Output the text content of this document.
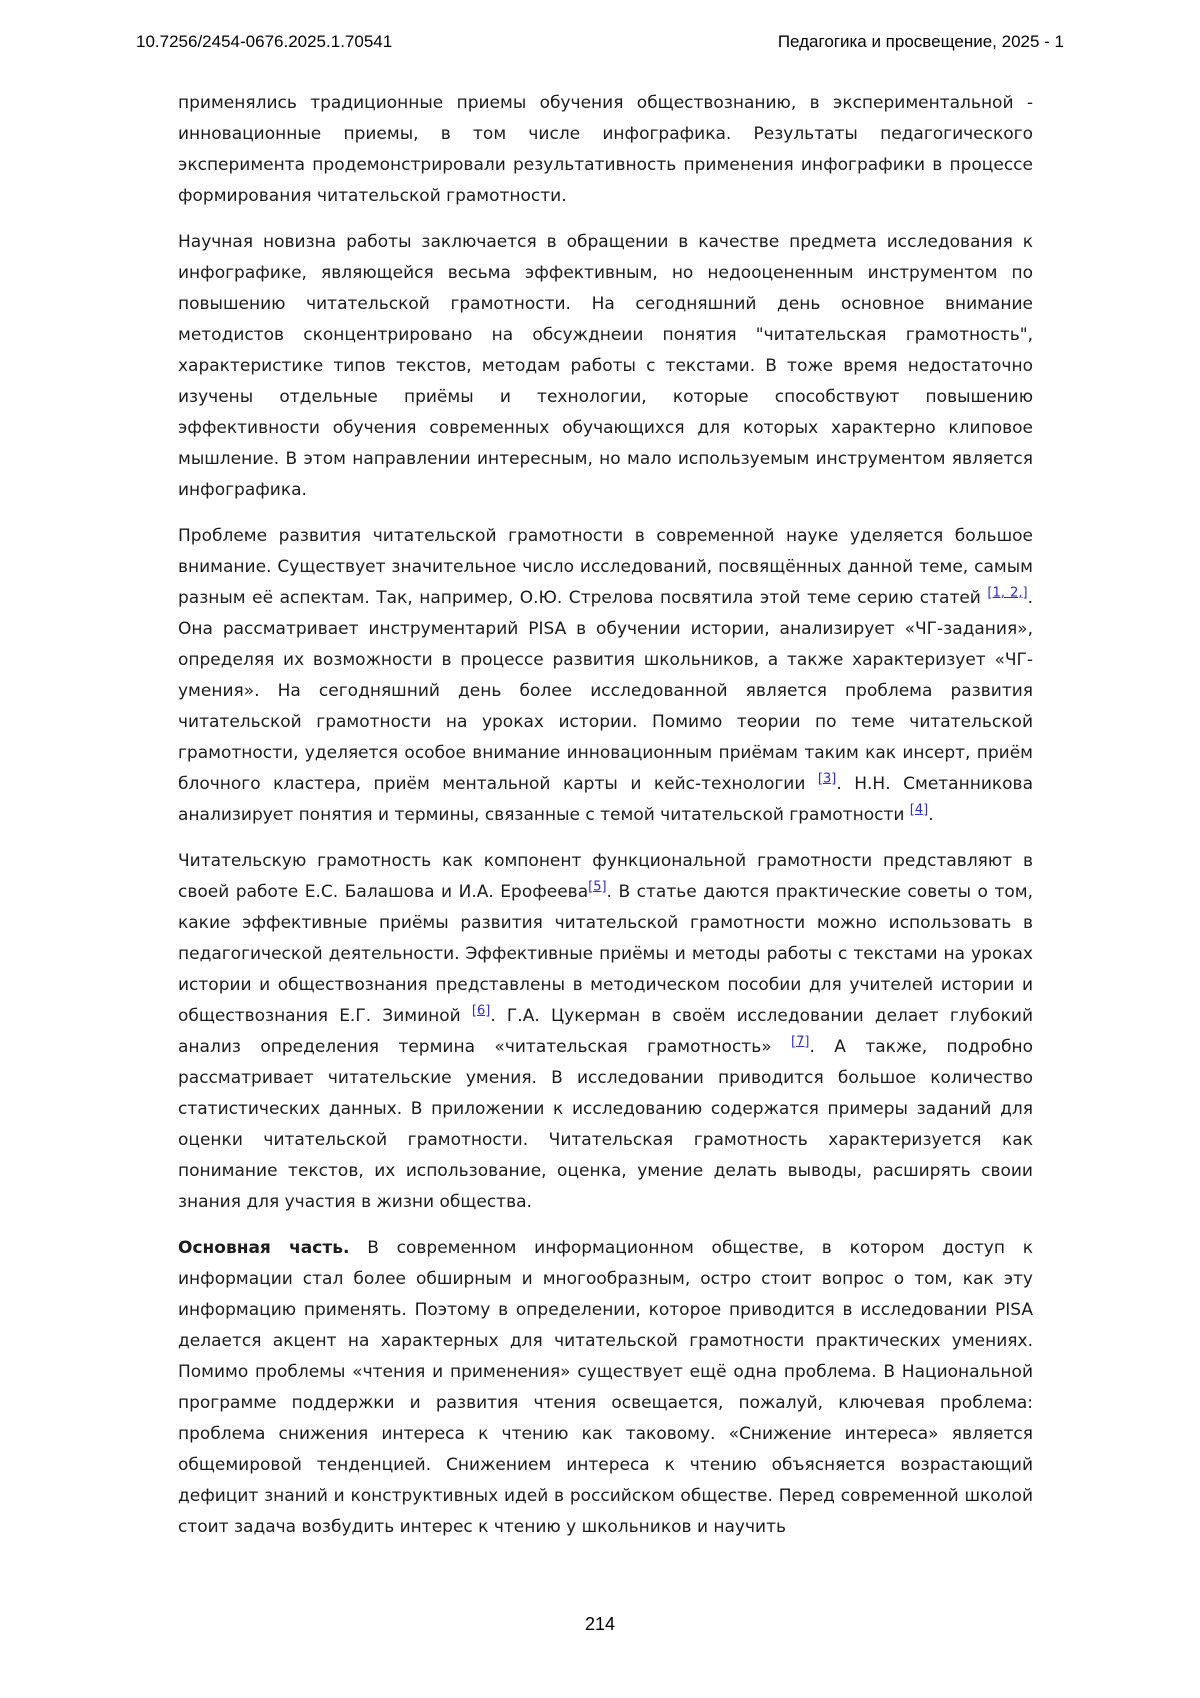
10.7256/2454-0676.2025.1.70541	Педагогика и просвещение, 2025 - 1

применялись традиционные приемы обучения обществознанию, в экспериментальной - инновационные приемы, в том числе инфографика. Результаты педагогического эксперимента продемонстрировали результативность применения инфографики в процессе формирования читательской грамотности.

Научная новизна работы заключается в обращении в качестве предмета исследования к инфографике, являющейся весьма эффективным, но недооцененным инструментом по повышению читательской грамотности. На сегодняшний день основное внимание методистов сконцентрировано на обсужднеии понятия "читательская грамотность", характеристике типов текстов, методам работы с текстами. В тоже время недостаточно изучены отдельные приёмы и технологии, которые способствуют повышению эффективности обучения современных обучающихся для которых характерно клиповое мышление. В этом направлении интересным, но мало используемым инструментом является инфографика.

Проблеме развития читательской грамотности в современной науке уделяется большое внимание. Существует значительное число исследований, посвящённых данной теме, самым разным её аспектам. Так, например, О.Ю. Стрелова посвятила этой теме серию статей [1, 2,]. Она рассматривает инструментарий PISA в обучении истории, анализирует «ЧГ-задания», определяя их возможности в процессе развития школьников, а также характеризует «ЧГ-умения». На сегодняшний день более исследованной является проблема развития читательской грамотности на уроках истории. Помимо теории по теме читательской грамотности, уделяется особое внимание инновационным приёмам таким как инсерт, приём блочного кластера, приём ментальной карты и кейс-технологии [3]. Н.Н. Сметанникова анализирует понятия и термины, связанные с темой читательской грамотности [4].

Читательскую грамотность как компонент функциональной грамотности представляют в своей работе Е.С. Балашова и И.А. Ерофеева[5]. В статье даются практические советы о том, какие эффективные приёмы развития читательской грамотности можно использовать в педагогической деятельности. Эффективные приёмы и методы работы с текстами на уроках истории и обществознания представлены в методическом пособии для учителей истории и обществознания Е.Г. Зиминой [6]. Г.А. Цукерман в своём исследовании делает глубокий анализ определения термина «читательская грамотность» [7]. А также, подробно рассматривает читательские умения. В исследовании приводится большое количество статистических данных. В приложении к исследованию содержатся примеры заданий для оценки читательской грамотности. Читательская грамотность характеризуется как понимание текстов, их использование, оценка, умение делать выводы, расширять своии знания для участия в жизни общества.

Основная часть. В современном информационном обществе, в котором доступ к информации стал более обширным и многообразным, остро стоит вопрос о том, как эту информацию применять. Поэтому в определении, которое приводится в исследовании PISA делается акцент на характерных для читательской грамотности практических умениях. Помимо проблемы «чтения и применения» существует ещё одна проблема. В Национальной программе поддержки и развития чтения освещается, пожалуй, ключевая проблема: проблема снижения интереса к чтению как таковому. «Снижение интереса» является общемировой тенденцией. Снижением интереса к чтению объясняется возрастающий дефицит знаний и конструктивных идей в российском обществе. Перед современной школой стоит задача возбудить интерес к чтению у школьников и научить

214
